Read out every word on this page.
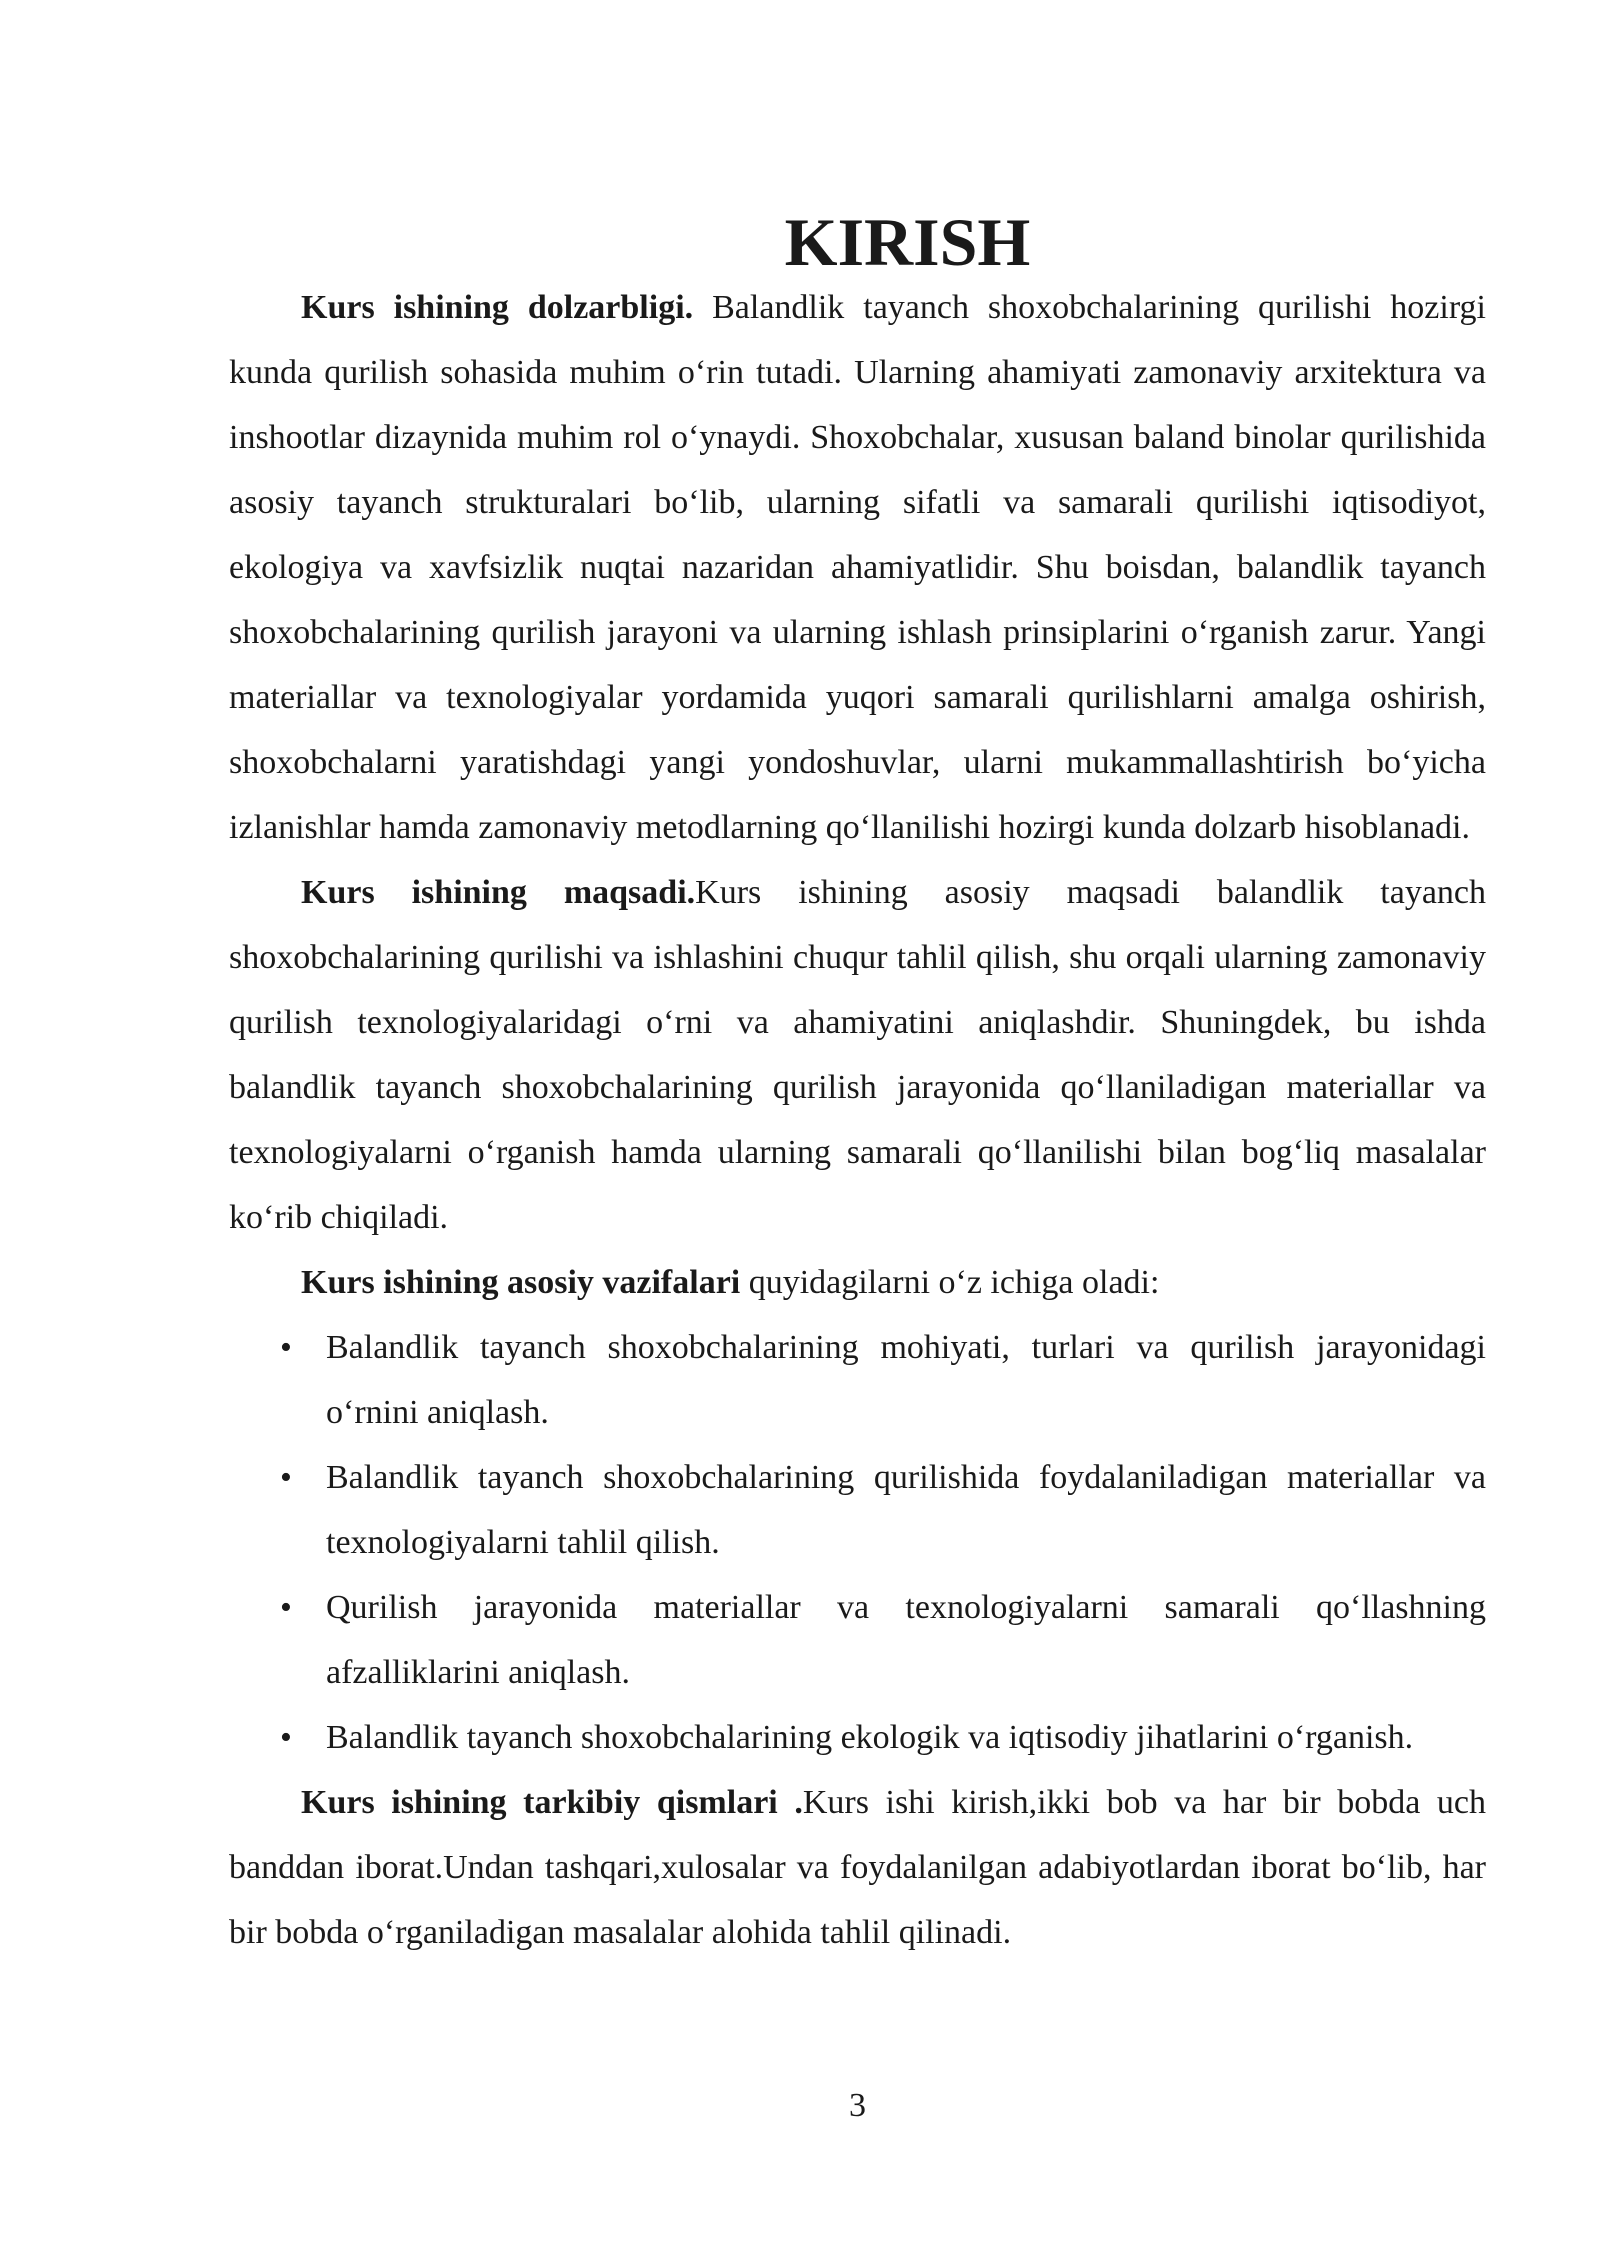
KIRISH

Kurs ishining dolzarbligi. Balandlik tayanch shoxobchalarining qurilishi hozirgi kunda qurilish sohasida muhim o‘rin tutadi. Ularning ahamiyati zamonaviy arxitektura va inshootlar dizaynida muhim rol o‘ynaydi. Shoxobchalar, xususan baland binolar qurilishida asosiy tayanch strukturalari bo‘lib, ularning sifatli va samarali qurilishi iqtisodiyot, ekologiya va xavfsizlik nuqtai nazaridan ahamiyatlidir. Shu boisdan, balandlik tayanch shoxobchalarining qurilish jarayoni va ularning ishlash prinsiplarini o‘rganish zarur. Yangi materiallar va texnologiyalar yordamida yuqori samarali qurilishlarni amalga oshirish, shoxobchalarni yaratishdagi yangi yondoshuvlar, ularni mukammallashtirish bo‘yicha izlanishlar hamda zamonaviy metodlarning qo‘llanilishi hozirgi kunda dolzarb hisoblanadi.

Kurs ishining maqsadi.Kurs ishining asosiy maqsadi balandlik tayanch shoxobchalarining qurilishi va ishlashini chuqur tahlil qilish, shu orqali ularning zamonaviy qurilish texnologiyalaridagi o‘rni va ahamiyatini aniqlashdir. Shuningdek, bu ishda balandlik tayanch shoxobchalarining qurilish jarayonida qo‘llaniladigan materiallar va texnologiyalarni o‘rganish hamda ularning samarali qo‘llanilishi bilan bog‘liq masalalar ko‘rib chiqiladi.

Kurs ishining asosiy vazifalari quyidagilarni o‘z ichiga oladi:

• Balandlik tayanch shoxobchalarining mohiyati, turlari va qurilish jarayonidagi o‘rnini aniqlash.
• Balandlik tayanch shoxobchalarining qurilishida foydalaniladigan materiallar va texnologiyalarni tahlil qilish.
• Qurilish jarayonida materiallar va texnologiyalarni samarali qo‘llashning afzalliklarini aniqlash.
• Balandlik tayanch shoxobchalarining ekologik va iqtisodiy jihatlarini o‘rganish.

Kurs ishining tarkibiy qismlari .Kurs ishi kirish,ikki bob va har bir bobda uch banddan iborat.Undan tashqari,xulosalar va foydalanilgan adabiyotlardan iborat bo‘lib, har bir bobda o‘rganiladigan masalalar alohida tahlil qilinadi.

3
